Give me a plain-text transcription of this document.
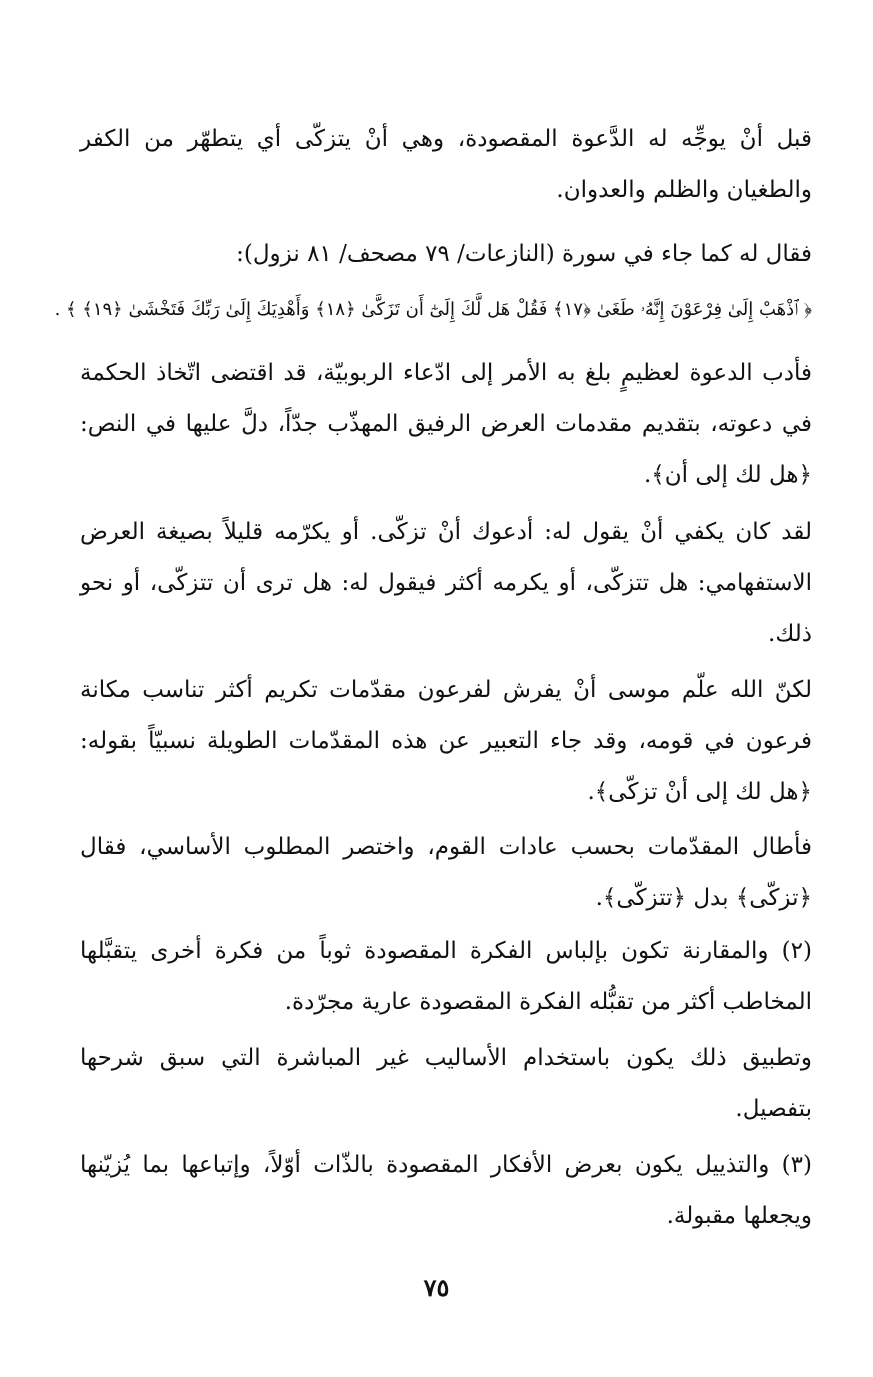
قبل أنْ يوجِّه له الدَّعوة المقصودة، وهي أنْ يتزكّى أي يتطهّر من الكفر والطغيان والظلم والعدوان.

فقال له كما جاء في سورة (النازعات/ ٧٩ مصحف/ ٨١ نزول):

﴿ ٱذْهَبْ إِلَىٰ فِرْعَوْنَ إِنَّهُۥ طَغَىٰ ﴿١٧﴾ فَقُلْ هَل لَّكَ إِلَىٰٓ أَن تَزَكَّىٰ ﴿١٨﴾ وَأَهْدِيَكَ إِلَىٰ رَبِّكَ فَتَخْشَىٰ ﴿١٩﴾ ﴾ .

فأدب الدعوة لعظيمٍ بلغ به الأمر إلى ادّعاء الربوبيّة، قد اقتضى اتّخاذ الحكمة في دعوته، بتقديم مقدمات العرض الرفيق المهذّب جدّاً، دلَّ عليها في النص: ﴿هل لك إلى أن﴾.

لقد كان يكفي أنْ يقول له: أدعوك أنْ تزكّى. أو يكرّمه قليلاً بصيغة العرض الاستفهامي: هل تتزكّى، أو يكرمه أكثر فيقول له: هل ترى أن تتزكّى، أو نحو ذلك.

لكنّ الله علّم موسى أنْ يفرش لفرعون مقدّمات تكريم أكثر تناسب مكانة فرعون في قومه، وقد جاء التعبير عن هذه المقدّمات الطويلة نسبيّاً بقوله: ﴿هل لك إلى أنْ تزكّى﴾.

فأطال المقدّمات بحسب عادات القوم، واختصر المطلوب الأساسي، فقال ﴿تزكّى﴾ بدل ﴿تتزكّى﴾.

(٢) والمقارنة تكون بإلباس الفكرة المقصودة ثوباً من فكرة أخرى يتقبَّلها المخاطب أكثر من تقبُّله الفكرة المقصودة عارية مجرّدة.

وتطبيق ذلك يكون باستخدام الأساليب غير المباشرة التي سبق شرحها بتفصيل.

(٣) والتذييل يكون بعرض الأفكار المقصودة بالذّات أوّلاً، وإتباعها بما يُزيّنها ويجعلها مقبولة.

٧٥
